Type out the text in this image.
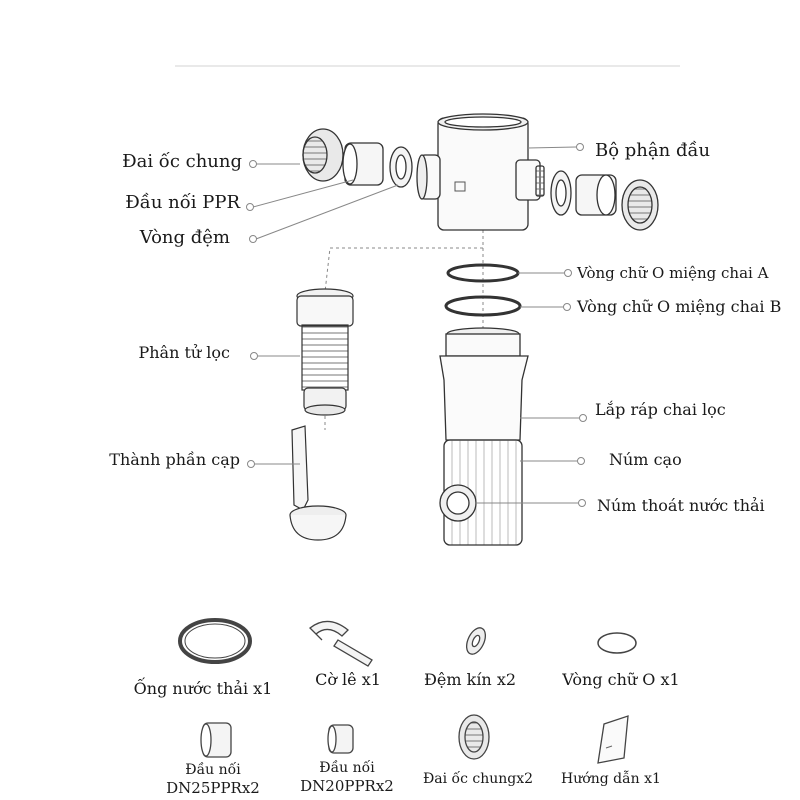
Đai ốc chung
Đầu nối PPR
Vòng đệm
Phân tử lọc
Thành phần cạp
Bộ phận đầu
Vòng chữ O miệng chai A
Vòng chữ O miệng chai B
Lắp ráp chai lọc
Núm cạo
Núm thoát nước thải
Ống nước thải x1	Cờ lê x1	Đệm kín x2	Vòng chữ O x1
Đầu nối
DN25PPRx2
Đầu nối
DN20PPRx2 Đai ốc chungx2 Hướng dẫn x1
